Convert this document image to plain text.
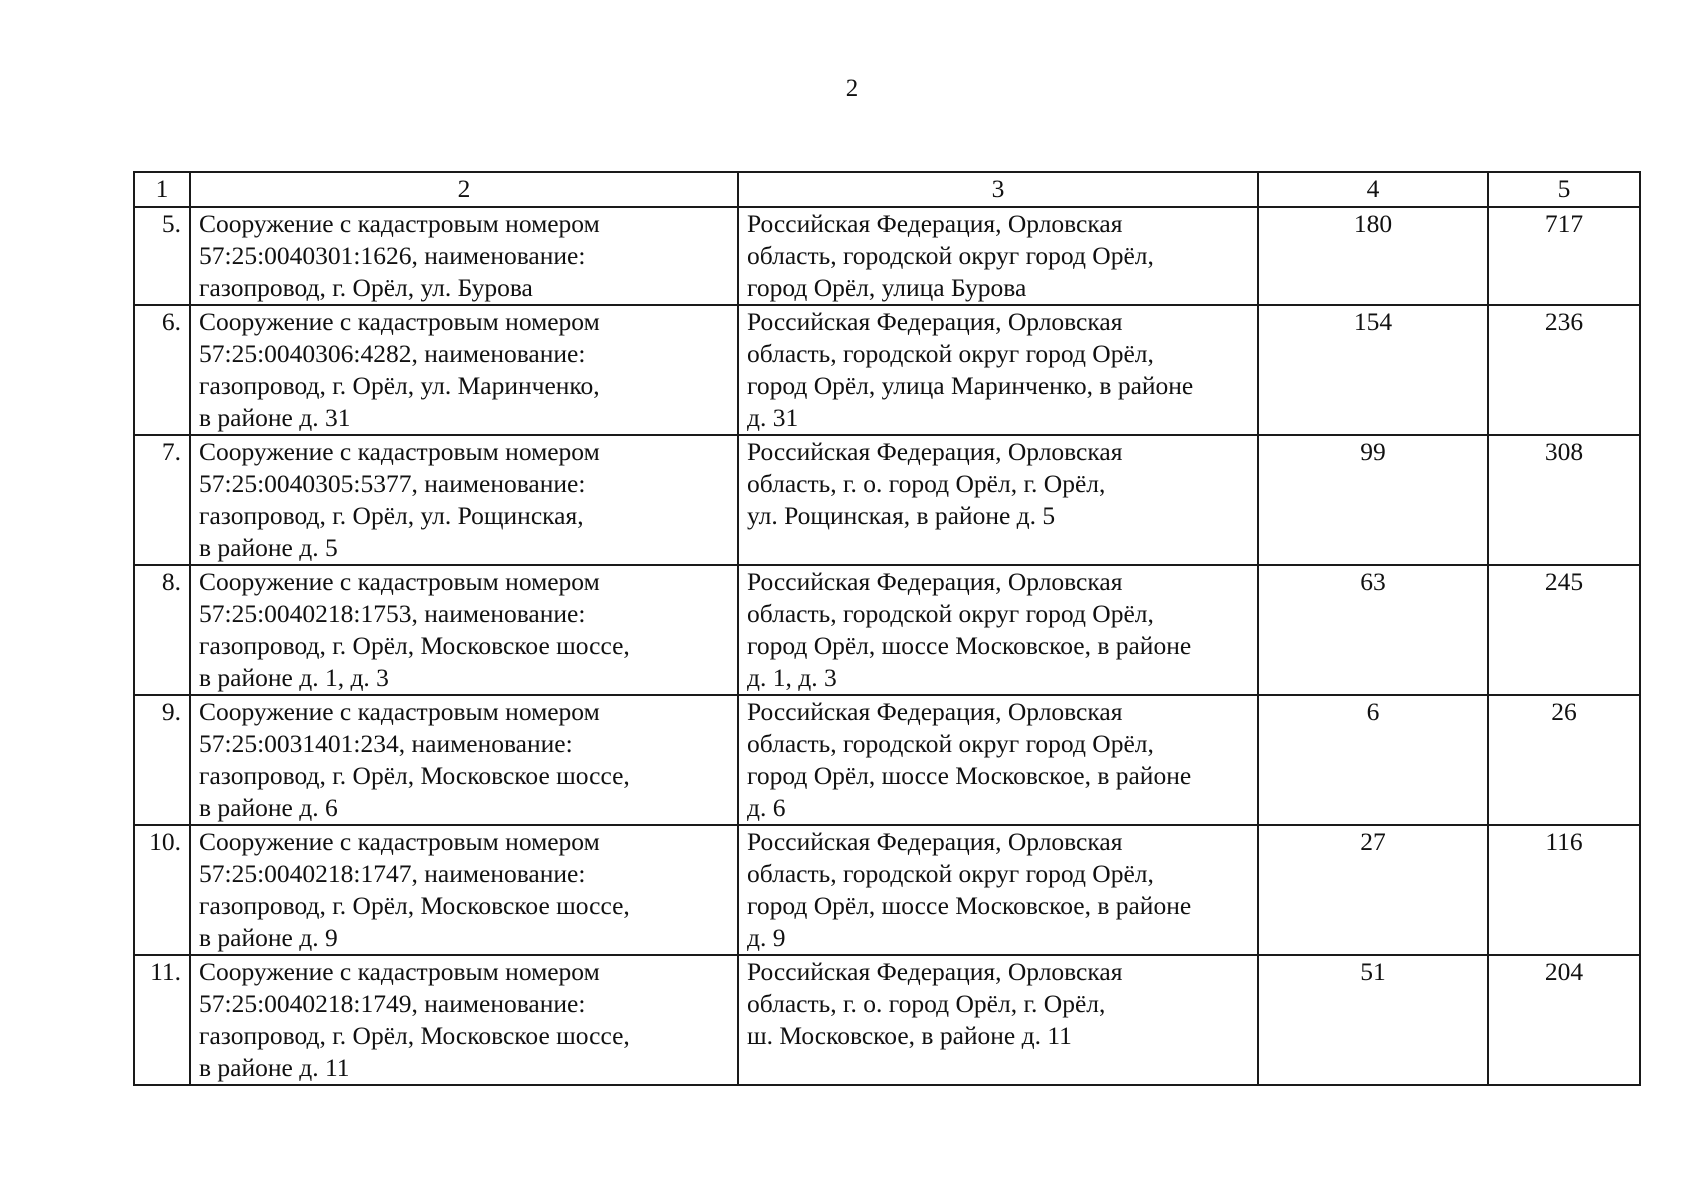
2
1	2	3	4	5
5.	Сооружение с кадастровым номером
57:25:0040301:1626, наименование:
газопровод, г. Орёл, ул. Бурова	Российская Федерация, Орловская
область, городской округ город Орёл,
город Орёл, улица Бурова	180	717
6.	Сооружение с кадастровым номером
57:25:0040306:4282, наименование:
газопровод, г. Орёл, ул. Маринченко,
в районе д. 31	Российская Федерация, Орловская
область, городской округ город Орёл,
город Орёл, улица Маринченко, в районе
д. 31	154	236
7.	Сооружение с кадастровым номером
57:25:0040305:5377, наименование:
газопровод, г. Орёл, ул. Рощинская,
в районе д. 5	Российская Федерация, Орловская
область, г. о. город Орёл, г. Орёл,
ул. Рощинская, в районе д. 5	99	308
8.	Сооружение с кадастровым номером
57:25:0040218:1753, наименование:
газопровод, г. Орёл, Московское шоссе,
в районе д. 1, д. 3	Российская Федерация, Орловская
область, городской округ город Орёл,
город Орёл, шоссе Московское, в районе
д. 1, д. 3	63	245
9.	Сооружение с кадастровым номером
57:25:0031401:234, наименование:
газопровод, г. Орёл, Московское шоссе,
в районе д. 6	Российская Федерация, Орловская
область, городской округ город Орёл,
город Орёл, шоссе Московское, в районе
д. 6	6	26
10.	Сооружение с кадастровым номером
57:25:0040218:1747, наименование:
газопровод, г. Орёл, Московское шоссе,
в районе д. 9	Российская Федерация, Орловская
область, городской округ город Орёл,
город Орёл, шоссе Московское, в районе
д. 9	27	116
11.	Сооружение с кадастровым номером
57:25:0040218:1749, наименование:
газопровод, г. Орёл, Московское шоссе,
в районе д. 11	Российская Федерация, Орловская
область, г. о. город Орёл, г. Орёл,
ш. Московское, в районе д. 11	51	204
